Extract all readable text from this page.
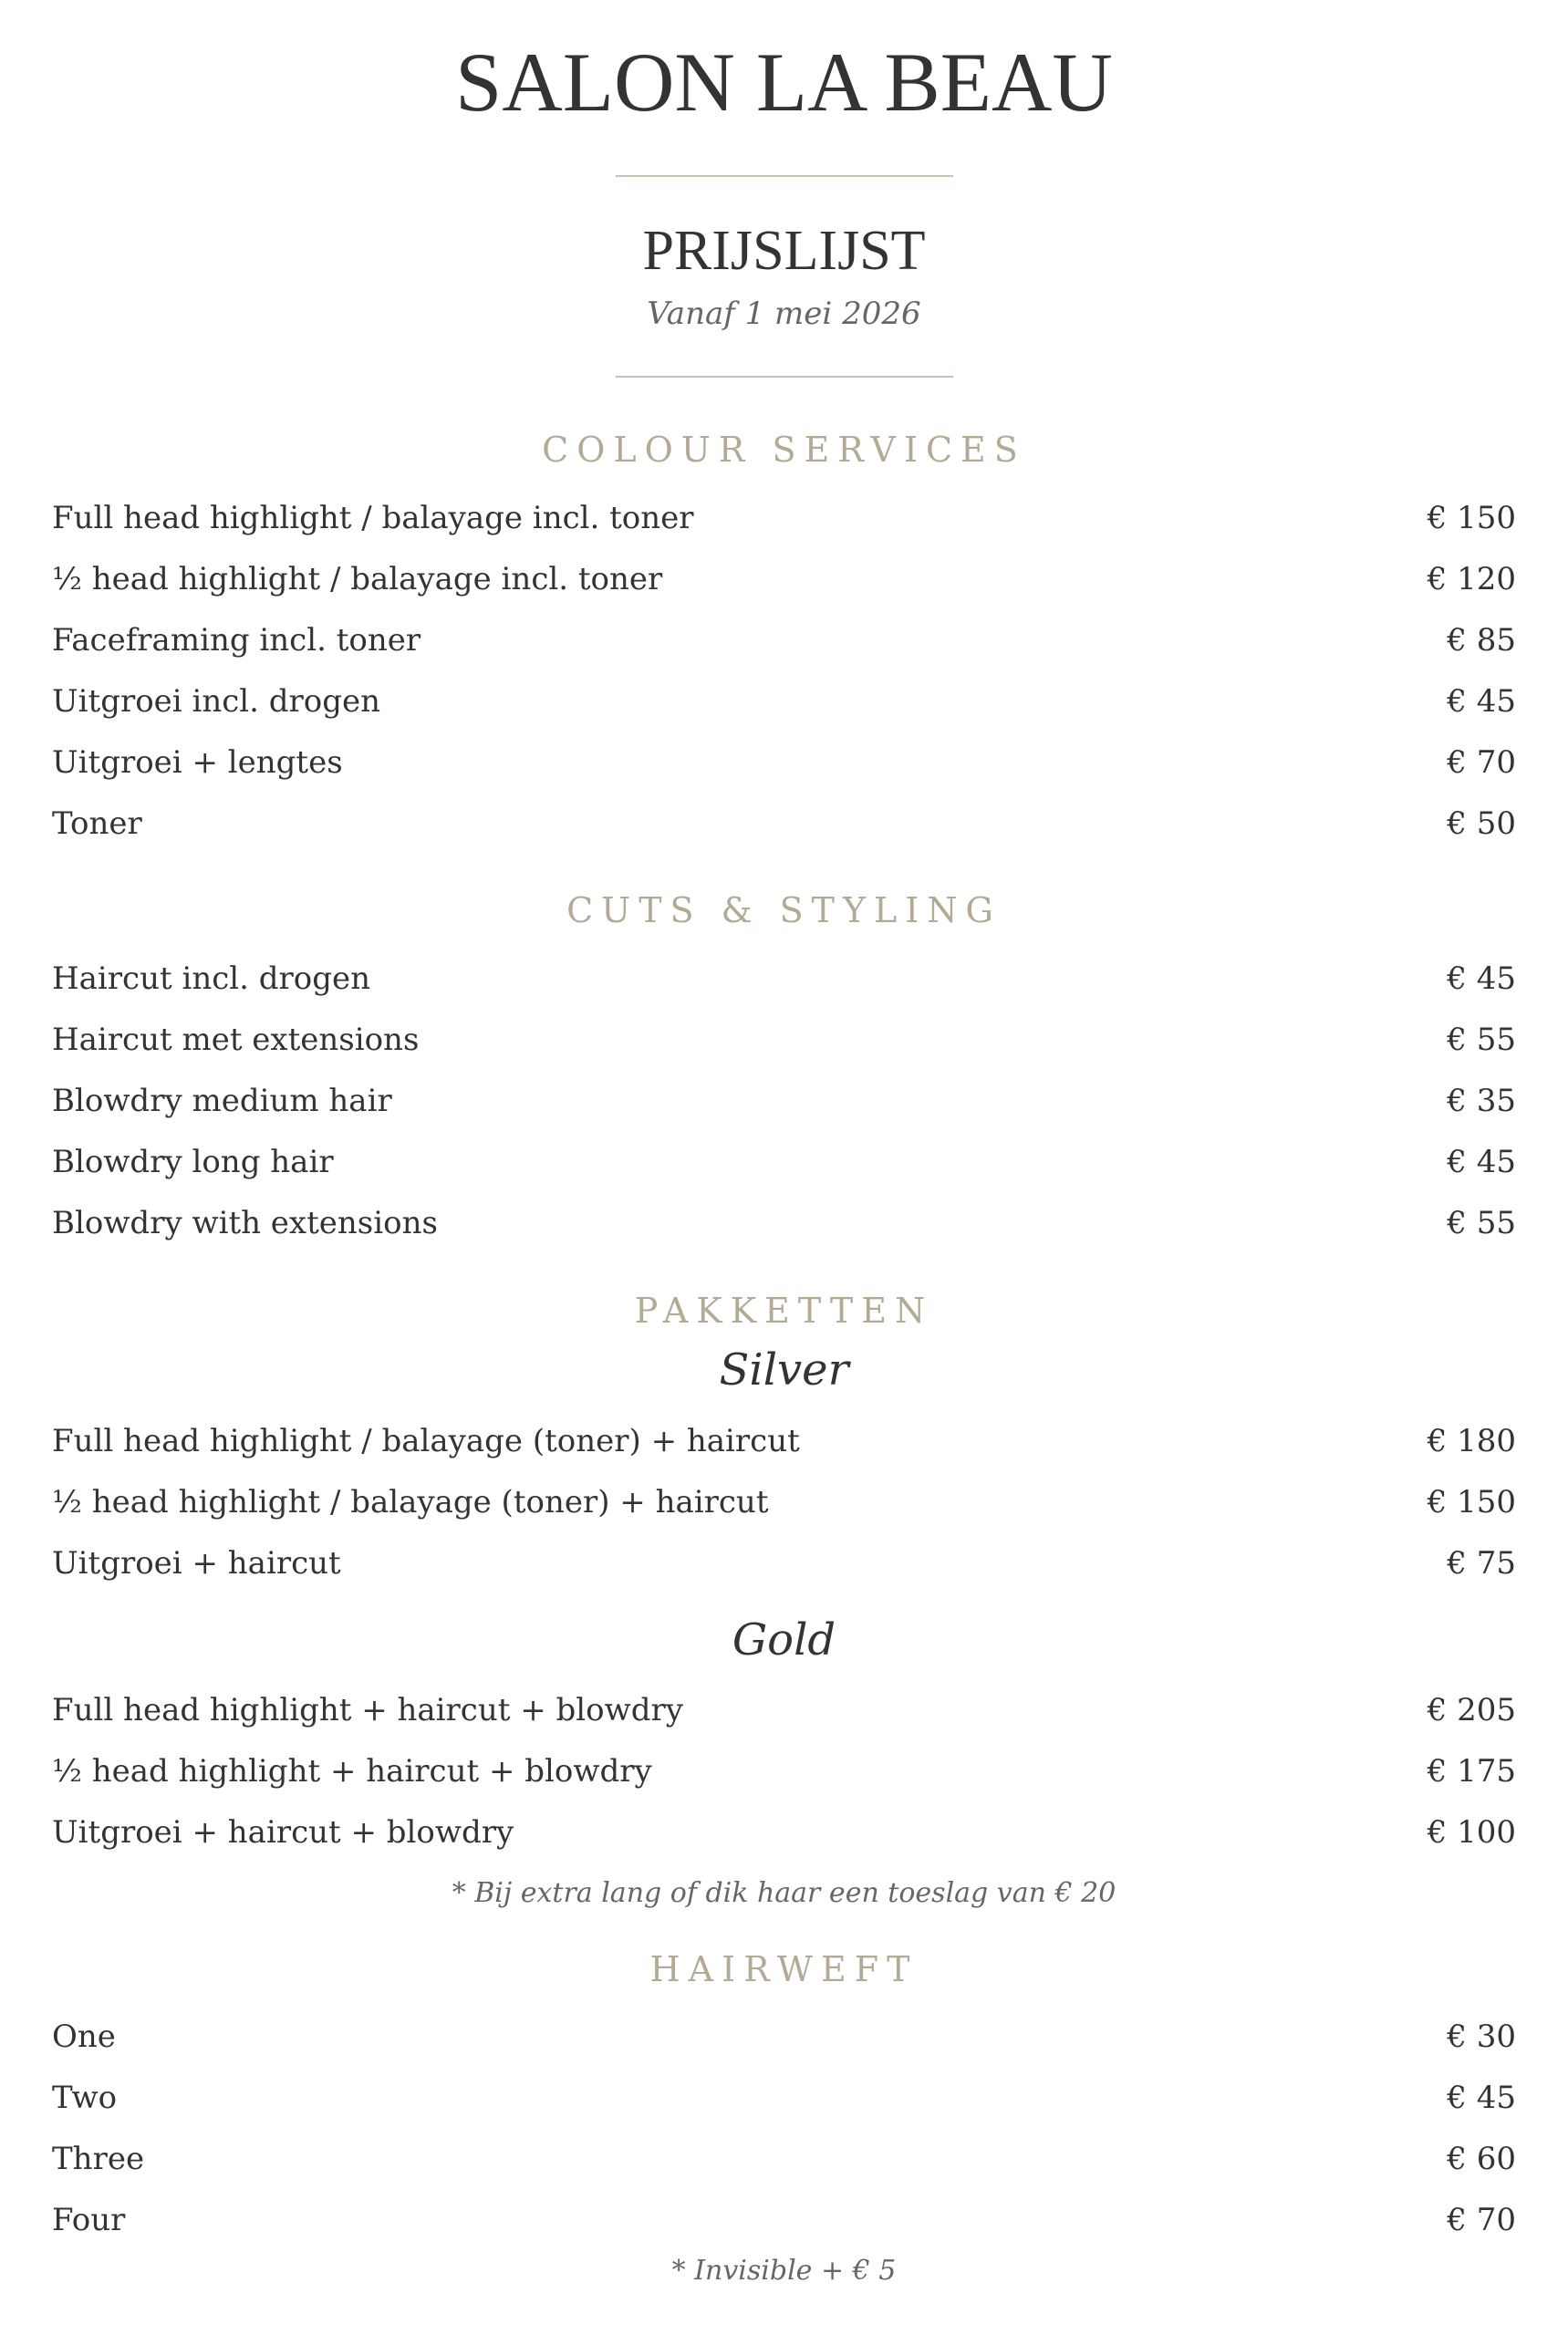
SALON LA BEAU
PRIJSLIJST
Vanaf 1 mei 2026
COLOUR SERVICES
Full head highlight / balayage incl. toner	€ 150
½ head highlight / balayage incl. toner	€ 120
Faceframing incl. toner	€ 85
Uitgroei incl. drogen	€ 45
Uitgroei + lengtes	€ 70
Toner	€ 50
CUTS & STYLING
Haircut incl. drogen	€ 45
Haircut met extensions	€ 55
Blowdry medium hair	€ 35
Blowdry long hair	€ 45
Blowdry with extensions	€ 55
PAKKETTEN
Silver
Full head highlight / balayage (toner) + haircut	€ 180
½ head highlight / balayage (toner) + haircut	€ 150
Uitgroei + haircut	€ 75
Gold
Full head highlight + haircut + blowdry	€ 205
½ head highlight + haircut + blowdry	€ 175
Uitgroei + haircut + blowdry	€ 100
* Bij extra lang of dik haar een toeslag van € 20
HAIRWEFT
One	€ 30
Two	€ 45
Three	€ 60
Four	€ 70
* Invisible + € 5
